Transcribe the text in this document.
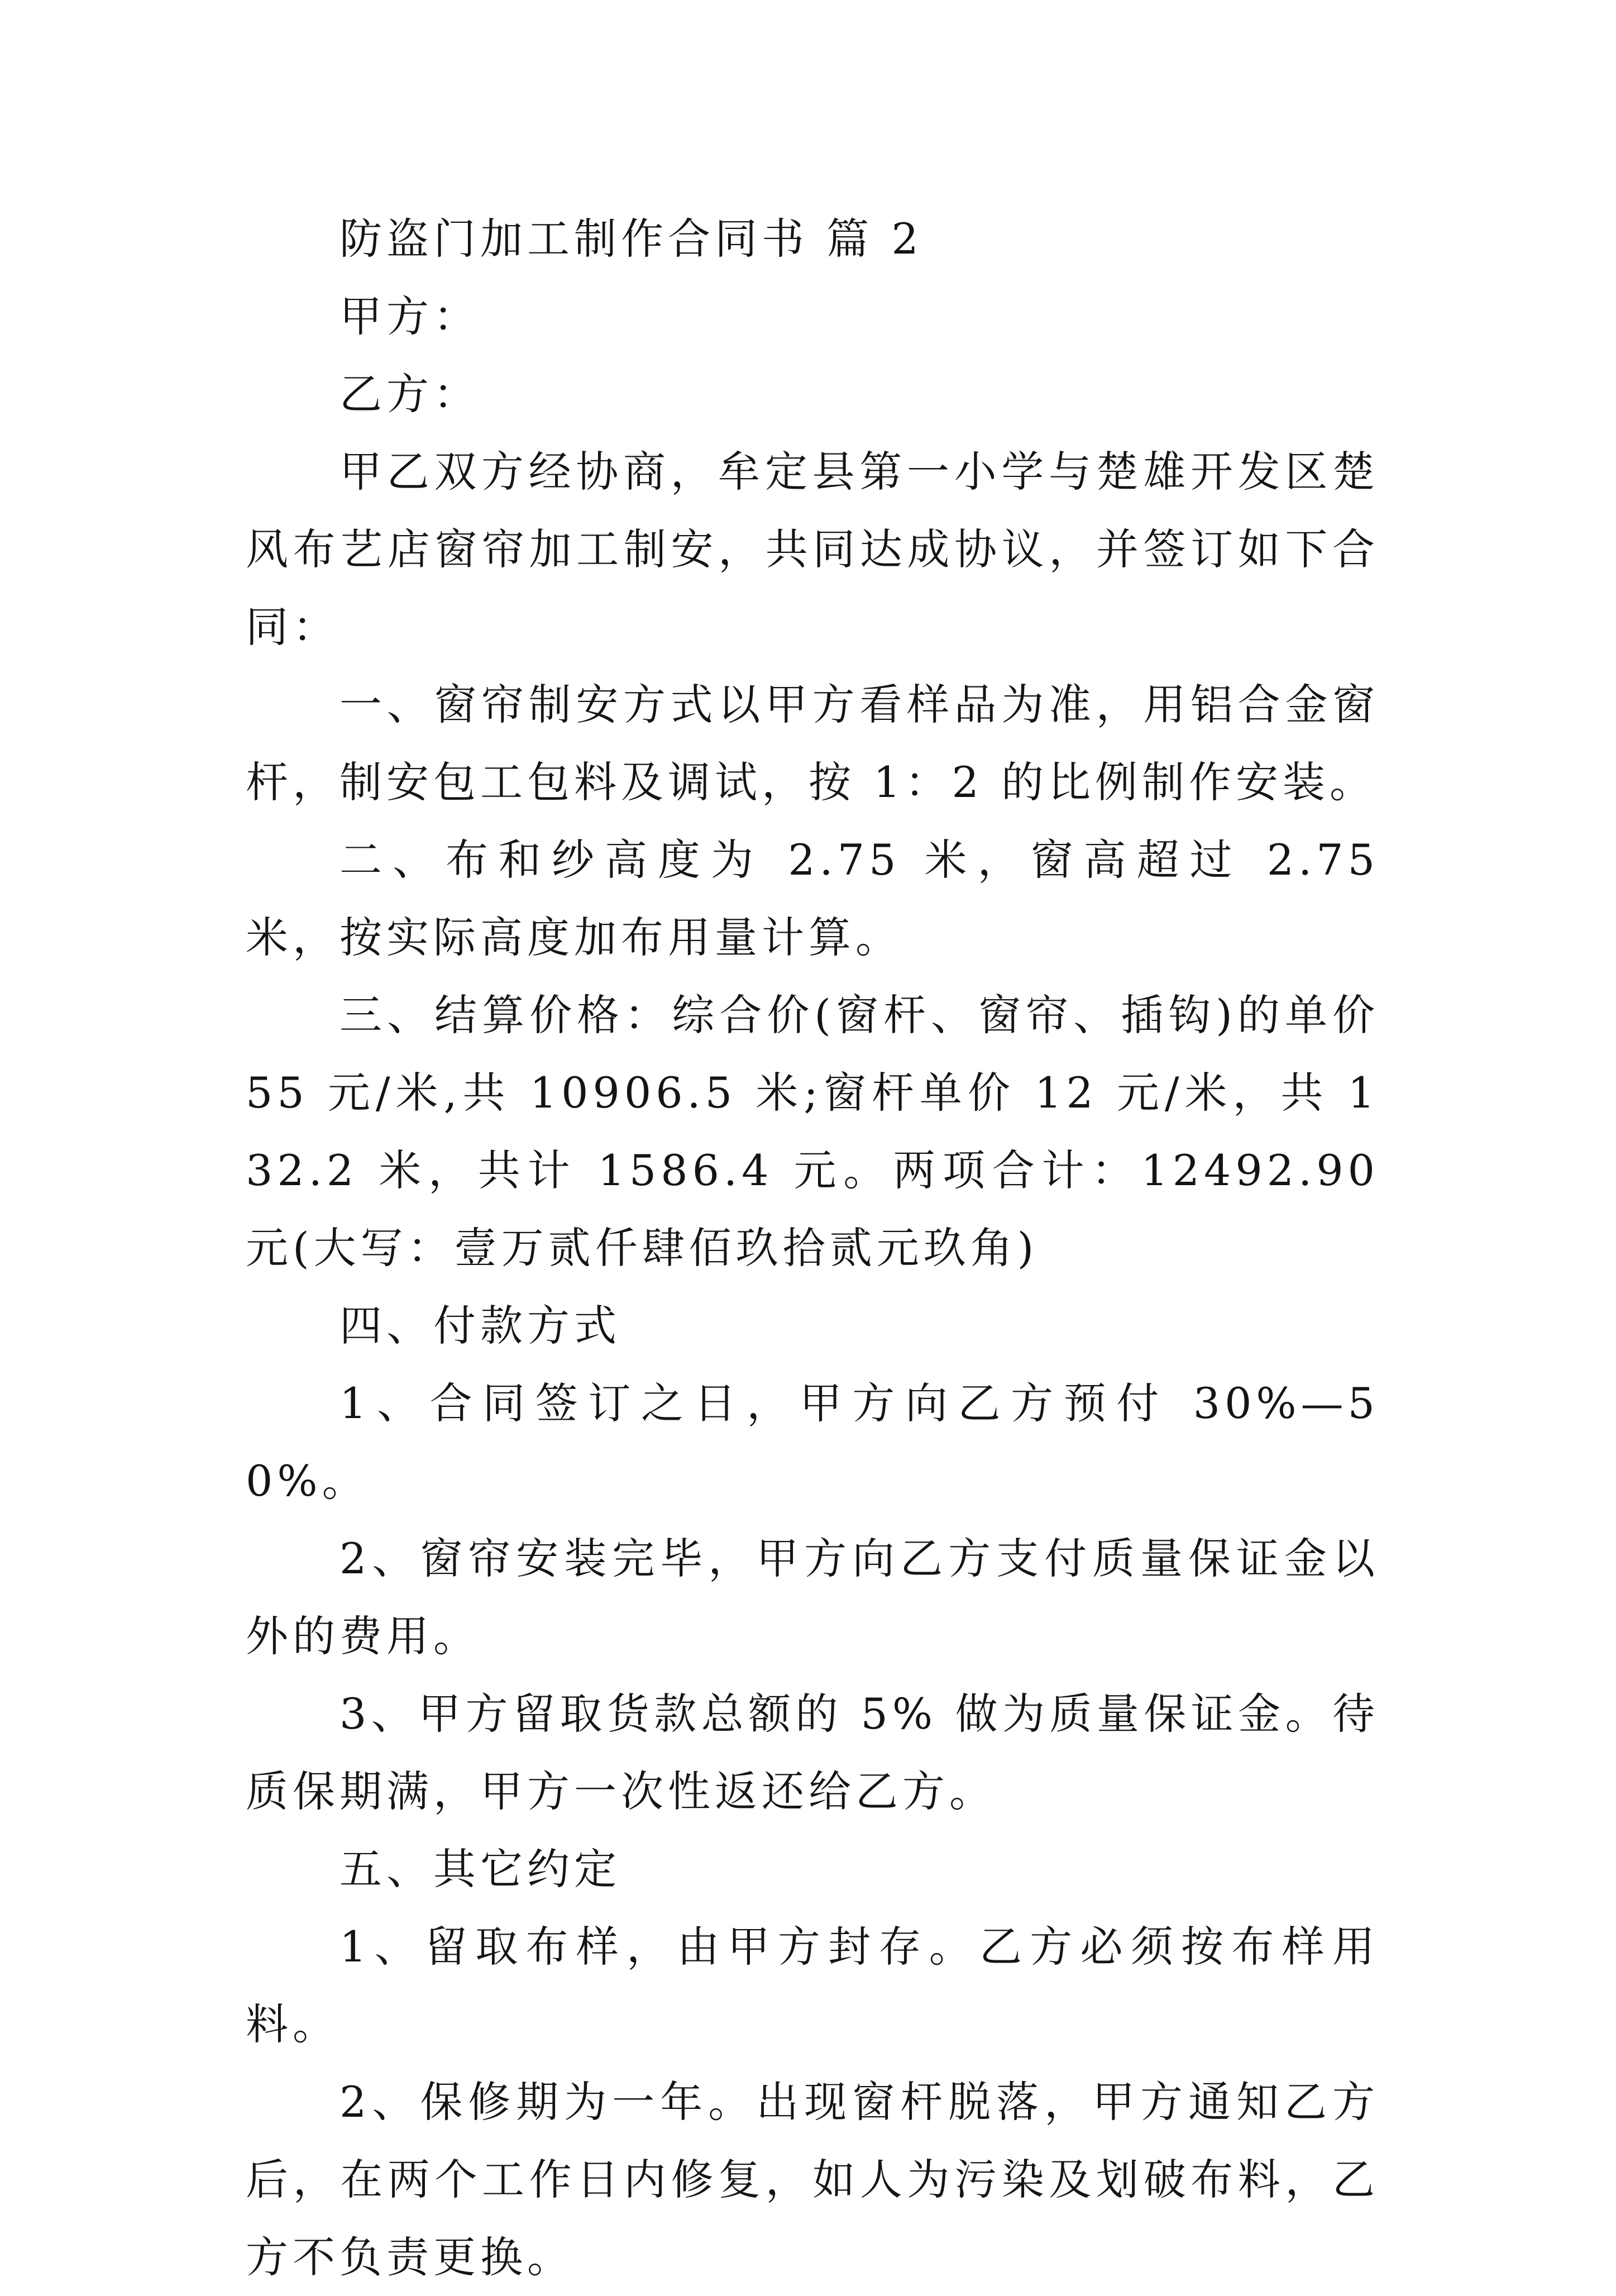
防盗门加工制作合同书 篇 2

甲方：

乙方：

甲乙双方经协商，牟定县第一小学与楚雄开发区楚风布艺店窗帘加工制安，共同达成协议，并签订如下合同：

一、窗帘制安方式以甲方看样品为准，用铝合金窗杆，制安包工包料及调试，按 1：2 的比例制作安装。

二、布和纱高度为 2.75 米，窗高超过 2.75 米，按实际高度加布用量计算。

三、结算价格：综合价(窗杆、窗帘、插钩)的单价 55 元/米,共 10906.5 米;窗杆单价 12 元/米，共 132.2 米，共计 1586.4 元。两项合计：12492.90 元(大写：壹万贰仟肆佰玖拾贰元玖角)

四、付款方式

1、合同签订之日，甲方向乙方预付 30%—50%。

2、窗帘安装完毕，甲方向乙方支付质量保证金以外的费用。

3、甲方留取货款总额的 5% 做为质量保证金。待质保期满，甲方一次性返还给乙方。

五、其它约定

1、留取布样，由甲方封存。乙方必须按布样用料。

2、保修期为一年。出现窗杆脱落，甲方通知乙方后，在两个工作日内修复，如人为污染及划破布料，乙方不负责更换。
